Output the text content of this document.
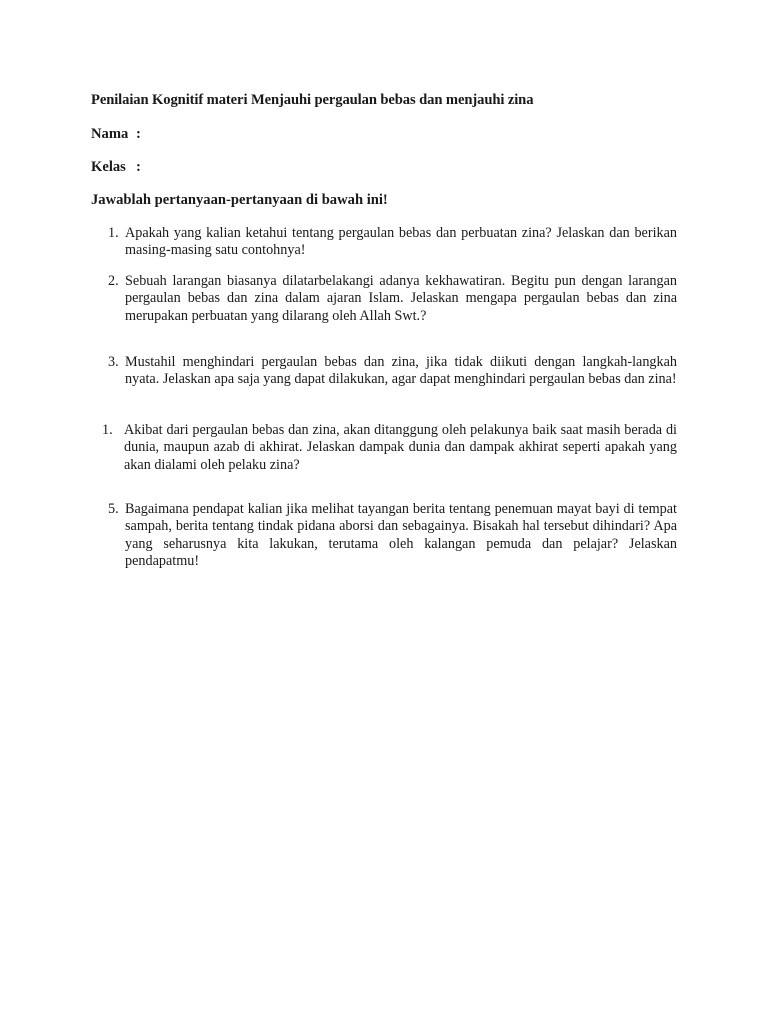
Penilaian Kognitif materi Menjauhi pergaulan bebas dan menjauhi zina
Nama :
Kelas :
Jawablah pertanyaan-pertanyaan di bawah ini!
1. Apakah yang kalian ketahui tentang pergaulan bebas dan perbuatan zina? Jelaskan dan berikan masing-masing satu contohnya!
2. Sebuah larangan biasanya dilatarbelakangi adanya kekhawatiran. Begitu pun dengan larangan pergaulan bebas dan zina dalam ajaran Islam. Jelaskan mengapa pergaulan bebas dan zina merupakan perbuatan yang dilarang oleh Allah Swt.?
3. Mustahil menghindari pergaulan bebas dan zina, jika tidak diikuti dengan langkah-langkah nyata. Jelaskan apa saja yang dapat dilakukan, agar dapat menghindari pergaulan bebas dan zina!
1. Akibat dari pergaulan bebas dan zina, akan ditanggung oleh pelakunya baik saat masih berada di dunia, maupun azab di akhirat. Jelaskan dampak dunia dan dampak akhirat seperti apakah yang akan dialami oleh pelaku zina?
5. Bagaimana pendapat kalian jika melihat tayangan berita tentang penemuan mayat bayi di tempat sampah, berita tentang tindak pidana aborsi dan sebagainya. Bisakah hal tersebut dihindari? Apa yang seharusnya kita lakukan, terutama oleh kalangan pemuda dan pelajar? Jelaskan pendapatmu!
